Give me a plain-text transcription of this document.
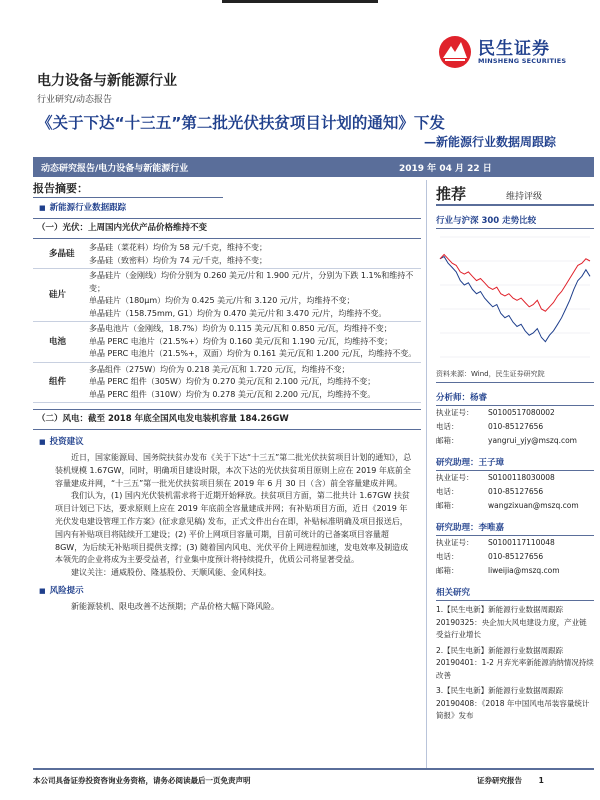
民生证券
MINSHENG SECURITIES
电力设备与新能源行业
行业研究/动态报告
《关于下达“十三五”第二批光伏扶贫项目计划的通知》下发
—新能源行业数据周跟踪
动态研究报告/电力设备与新能源行业	2019 年 04 月 22 日
报告摘要：
■ 新能源行业数据跟踪
（一）光伏：上周国内光伏产品价格维持不变
多晶硅	多晶硅（菜花料）均价为 58 元/千克，维持不变；
多晶硅（致密料）均价为 74 元/千克，维持不变；

硅片	多晶硅片（金刚线）均价分别为 0.260 美元/片和 1.900 元/片，分别为下跌 1.1%和维持不变；
单晶硅片（180μm）均价为 0.425 美元/片和 3.120 元/片，均维持不变；
单晶硅片（158.75mm, G1）均价为 0.470 美元/片和 3.470 元/片，均维持不变。

电池	多晶电池片（金刚线，18.7%）均价为 0.115 美元/瓦和 0.850 元/瓦，均维持不变；
单晶 PERC 电池片（21.5%+）均价为 0.160 美元/瓦和 1.190 元/瓦，均维持不变；
单晶 PERC 电池片（21.5%+，双面）均价为 0.161 美元/瓦和 1.200 元/瓦，均维持不变。

组件	多晶组件（275W）均价为 0.218 美元/瓦和 1.720 元/瓦，均维持不变；
单晶 PERC 组件（305W）均价为 0.270 美元/瓦和 2.100 元/瓦，均维持不变；
单晶 PERC 组件（310W）均价为 0.278 美元/瓦和 2.200 元/瓦，均维持不变。
（二）风电：截至 2018 年底全国风电发电装机容量 184.26GW
■ 投资建议

近日，国家能源局、国务院扶贫办发布《关于下达“十三五”第二批光伏扶贫项目计划的通知》，总装机规模 1.67GW，同时，明确项目建设时限，本次下达的光伏扶贫项目原则上应在 2019 年底前全容量建成并网，“十三五”第一批光伏扶贫项目须在 2019 年 6 月 30 日（含）前全容量建成并网。

我们认为，(1) 国内光伏装机需求将于近期开始释放。扶贫项目方面，第二批共计 1.67GW 扶贫项目计划已下达，要求原则上应在 2019 年底前全容量建成并网；有补贴项目方面，近日《2019 年光伏发电建设管理工作方案》(征求意见稿) 发布，正式文件出台在即，补贴标准明确及项目报送后，国内有补贴项目将陆续开工建设；(2) 平价上网项目容量可期，目前可统计的已备案项目容量超 8GW，为后续无补贴项目提供支撑；(3) 随着国内风电、光伏平价上网进程加速，发电效率及制造成本领先的企业将成为主要受益者，行业集中度预计将持续提升，优质公司将显著受益。

建议关注：通威股份、隆基股份、天顺风能、金风科技。

■ 风险提示

新能源装机、限电改善不达预期；产品价格大幅下降风险。

推荐	维持评级
行业与沪深 300 走势比较
资料来源：Wind，民生证券研究院
分析师：杨睿
执业证号：	S0100517080002
电话：	010-85127656
邮箱：	yangrui_yjy@mszq.com
研究助理：王子璋
执业证号：	S0100118030008
电话：	010-85127656
邮箱：	wangzixuan@mszq.com
研究助理：李唯嘉
执业证号：	S0100117110048
电话：	010-85127656
邮箱：	liweijia@mszq.com
相关研究
1.【民生电新】新能源行业数据周跟踪 20190325：央企加大风电建设力度，产业链受益行业增长
2.【民生电新】新能源行业数据周跟踪 20190401：1-2 月弃光率新能源消纳情况持续改善
3.【民生电新】新能源行业数据周跟踪 20190408：《2018 年中国风电吊装容量统计简报》发布
本公司具备证券投资咨询业务资格，请务必阅读最后一页免责声明	证券研究报告 1
